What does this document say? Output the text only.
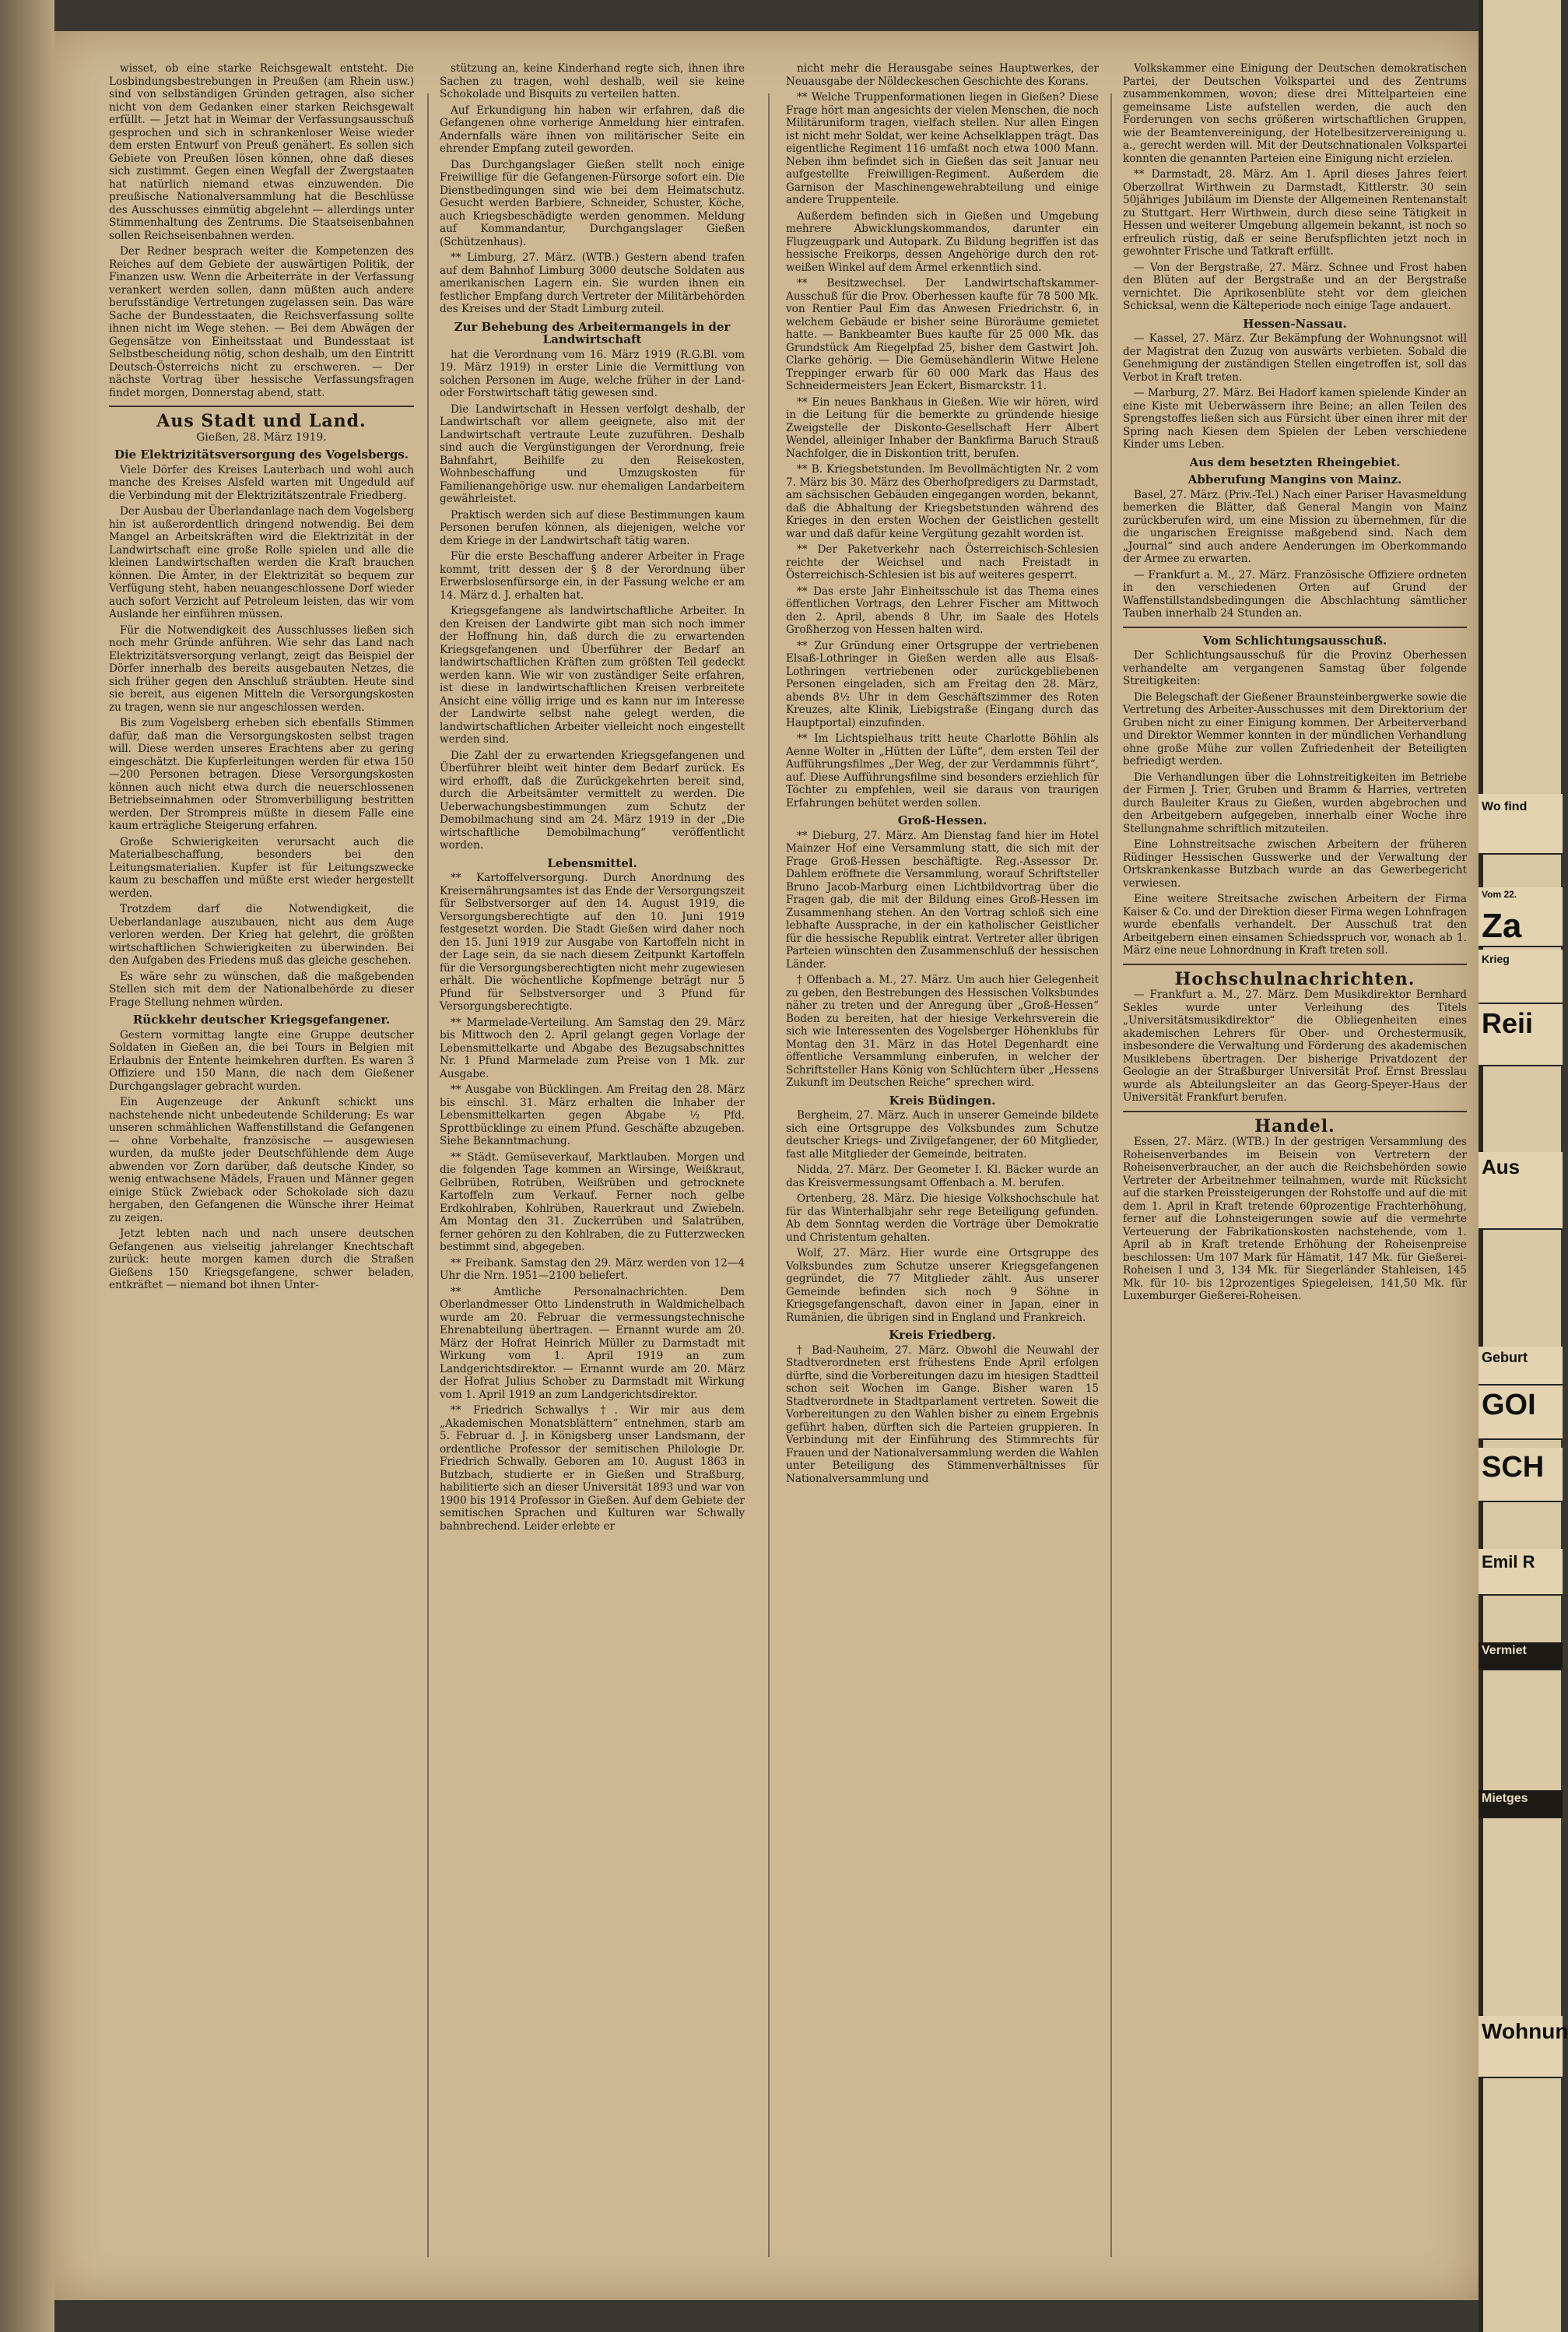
wisset, ob eine starke Reichsgewalt entsteht. Die Losbindungsbestrebungen in Preußen (am Rhein usw.) sind von selbständigen Gründen getragen, also sicher nicht von dem Gedanken einer starken Reichsgewalt erfüllt. — Jetzt hat in Weimar der Verfassungsausschuß gesprochen und sich in schrankenloser Weise wieder dem ersten Entwurf von Preuß genähert. Es sollen sich Gebiete von Preußen lösen können, ohne daß dieses sich zustimmt. Gegen einen Wegfall der Zwergstaaten hat natürlich niemand etwas einzuwenden. Die preußische Nationalversammlung hat die Beschlüsse des Ausschusses einmütig abgelehnt — allerdings unter Stimmenhaltung des Zentrums. Die Staatseisenbahnen sollen Reichseisenbahnen werden.

Der Redner besprach weiter die Kompetenzen des Reiches auf dem Gebiete der auswärtigen Politik, der Finanzen usw. Wenn die Arbeiterräte in der Verfassung verankert werden sollen, dann müßten auch andere berufsständige Vertretungen zugelassen sein. Das wäre Sache der Bundesstaaten, die Reichsverfassung sollte ihnen nicht im Wege stehen. — Bei dem Abwägen der Gegensätze von Einheitsstaat und Bundesstaat ist Selbstbescheidung nötig, schon deshalb, um den Eintritt Deutsch-Österreichs nicht zu erschweren. — Der nächste Vortrag über hessische Verfassungsfragen findet morgen, Donnerstag abend, statt.

Aus Stadt und Land.
Gießen, 28. März 1919.
Die Elektrizitätsversorgung des Vogelsbergs.

Viele Dörfer des Kreises Lauterbach und wohl auch manche des Kreises Alsfeld warten mit Ungeduld auf die Verbindung mit der Elektrizitätszentrale Friedberg.

Der Ausbau der Überlandanlage nach dem Vogelsberg hin ist außerordentlich dringend notwendig. Bei dem Mangel an Arbeitskräften wird die Elektrizität in der Landwirtschaft eine große Rolle spielen und alle die kleinen Landwirtschaften werden die Kraft brauchen können. Die Ämter, in der Elektrizität so bequem zur Verfügung steht, haben neuangeschlossene Dorf wieder auch sofort Verzicht auf Petroleum leisten, das wir vom Auslande her einführen müssen.

Für die Notwendigkeit des Ausschlusses ließen sich noch mehr Gründe anführen. Wie sehr das Land nach Elektrizitätsversorgung verlangt, zeigt das Beispiel der Dörfer innerhalb des bereits ausgebauten Netzes, die sich früher gegen den Anschluß sträubten. Heute sind sie bereit, aus eigenen Mitteln die Versorgungskosten zu tragen, wenn sie nur angeschlossen werden.

Bis zum Vogelsberg erheben sich ebenfalls Stimmen dafür, daß man die Versorgungskosten selbst tragen will. Diese werden unseres Erachtens aber zu gering eingeschätzt. Die Kupferleitungen werden für etwa 150—200 Personen betragen. Diese Versorgungskosten können auch nicht etwa durch die neuerschlossenen Betriebseinnahmen oder Stromverbilligung bestritten werden. Der Strompreis müßte in diesem Falle eine kaum erträgliche Steigerung erfahren.

Große Schwierigkeiten verursacht auch die Materialbeschaffung, besonders bei den Leitungsmaterialien. Kupfer ist für Leitungszwecke kaum zu beschaffen und müßte erst wieder hergestellt werden.

Trotzdem darf die Notwendigkeit, die Ueberlandanlage auszubauen, nicht aus dem Auge verloren werden. Der Krieg hat gelehrt, die größten wirtschaftlichen Schwierigkeiten zu überwinden. Bei den Aufgaben des Friedens muß das gleiche geschehen.

Es wäre sehr zu wünschen, daß die maßgebenden Stellen sich mit dem der Nationalbehörde zu dieser Frage Stellung nehmen würden.

Rückkehr deutscher Kriegsgefangener.

Gestern vormittag langte eine Gruppe deutscher Soldaten in Gießen an, die bei Tours in Belgien mit Erlaubnis der Entente heimkehren durften. Es waren 3 Offiziere und 150 Mann, die nach dem Gießener Durchgangslager gebracht wurden.

Ein Augenzeuge der Ankunft schickt uns nachstehende nicht unbedeutende Schilderung: Es war unseren schmählichen Waffenstillstand die Gefangenen — ohne Vorbehalte, französische — ausgewiesen wurden, da mußte jeder Deutschfühlende dem Auge abwenden vor Zorn darüber, daß deutsche Kinder, so wenig entwachsene Mädels, Frauen und Männer gegen einige Stück Zwieback oder Schokolade sich dazu hergaben, den Gefangenen die Wünsche ihrer Heimat zu zeigen.

Jetzt lebten nach und nach unsere deutschen Gefangenen aus vielseitig jahrelanger Knechtschaft zurück: heute morgen kamen durch die Straßen Gießens 150 Kriegsgefangene, schwer beladen, entkräftet — niemand bot ihnen Unter-

stützung an, keine Kinderhand regte sich, ihnen ihre Sachen zu tragen, wohl deshalb, weil sie keine Schokolade und Bisquits zu verteilen hatten.

Auf Erkundigung hin haben wir erfahren, daß die Gefangenen ohne vorherige Anmeldung hier eintrafen. Andernfalls wäre ihnen von militärischer Seite ein ehrender Empfang zuteil geworden.

Das Durchgangslager Gießen stellt noch einige Freiwillige für die Gefangenen-Fürsorge sofort ein. Die Dienstbedingungen sind wie bei dem Heimatschutz. Gesucht werden Barbiere, Schneider, Schuster, Köche, auch Kriegsbeschädigte werden genommen. Meldung auf Kommandantur, Durchgangslager Gießen (Schützenhaus).

** Limburg, 27. März. (WTB.) Gestern abend trafen auf dem Bahnhof Limburg 3000 deutsche Soldaten aus amerikanischen Lagern ein. Sie wurden ihnen ein festlicher Empfang durch Vertreter der Militärbehörden des Kreises und der Stadt Limburg zuteil.

Zur Behebung des Arbeitermangels in der Landwirtschaft

hat die Verordnung vom 16. März 1919 (R.G.Bl. vom 19. März 1919) in erster Linie die Vermittlung von solchen Personen im Auge, welche früher in der Land- oder Forstwirtschaft tätig gewesen sind.

Die Landwirtschaft in Hessen verfolgt deshalb, der Landwirtschaft vor allem geeignete, also mit der Landwirtschaft vertraute Leute zuzuführen. Deshalb sind auch die Vergünstigungen der Verordnung, freie Bahnfahrt, Beihilfe zu den Reisekosten, Wohnbeschaffung und Umzugskosten für Familienangehörige usw. nur ehemaligen Landarbeitern gewährleistet.

Praktisch werden sich auf diese Bestimmungen kaum Personen berufen können, als diejenigen, welche vor dem Kriege in der Landwirtschaft tätig waren.

Für die erste Beschaffung anderer Arbeiter in Frage kommt, tritt dessen der § 8 der Verordnung über Erwerbslosenfürsorge ein, in der Fassung welche er am 14. März d. J. erhalten hat.

Kriegsgefangene als landwirtschaftliche Arbeiter. In den Kreisen der Landwirte gibt man sich noch immer der Hoffnung hin, daß durch die zu erwartenden Kriegsgefangenen und Überführer der Bedarf an landwirtschaftlichen Kräften zum größten Teil gedeckt werden kann. Wie wir von zuständiger Seite erfahren, ist diese in landwirtschaftlichen Kreisen verbreitete Ansicht eine völlig irrige und es kann nur im Interesse der Landwirte selbst nahe gelegt werden, die landwirtschaftlichen Arbeiter vielleicht noch eingestellt werden sind.

Die Zahl der zu erwartenden Kriegsgefangenen und Überführer bleibt weit hinter dem Bedarf zurück. Es wird erhofft, daß die Zurückgekehrten bereit sind, durch die Arbeitsämter vermittelt zu werden. Die Ueberwachungsbestimmungen zum Schutz der Demobilmachung sind am 24. März 1919 in der „Die wirtschaftliche Demobilmachung“ veröffentlicht worden.

Lebensmittel.

** Kartoffelversorgung. Durch Anordnung des Kreisernährungsamtes ist das Ende der Versorgungszeit für Selbstversorger auf den 14. August 1919, die Versorgungsberechtigte auf den 10. Juni 1919 festgesetzt worden. Die Stadt Gießen wird daher noch den 15. Juni 1919 zur Ausgabe von Kartoffeln nicht in der Lage sein, da sie nach diesem Zeitpunkt Kartoffeln für die Versorgungsberechtigten nicht mehr zugewiesen erhält. Die wöchentliche Kopfmenge beträgt nur 5 Pfund für Selbstversorger und 3 Pfund für Versorgungsberechtigte.

** Marmelade-Verteilung. Am Samstag den 29. März bis Mittwoch den 2. April gelangt gegen Vorlage der Lebensmittelkarte und Abgabe des Bezugsabschnittes Nr. 1 Pfund Marmelade zum Preise von 1 Mk. zur Ausgabe.

** Ausgabe von Bücklingen. Am Freitag den 28. März bis einschl. 31. März erhalten die Inhaber der Lebensmittelkarten gegen Abgabe ½ Pfd. Sprottbücklinge zu einem Pfund. Geschäfte abzugeben. Siehe Bekanntmachung.

** Städt. Gemüseverkauf, Marktlauben. Morgen und die folgenden Tage kommen an Wirsinge, Weißkraut, Gelbrüben, Rotrüben, Weißrüben und getrocknete Kartoffeln zum Verkauf. Ferner noch gelbe Erdkohlraben, Kohlrüben, Rauerkraut und Zwiebeln. Am Montag den 31. Zuckerrüben und Salatrüben, ferner gehören zu den Kohlraben, die zu Futterzwecken bestimmt sind, abgegeben.

** Freibank. Samstag den 29. März werden von 12—4 Uhr die Nrn. 1951—2100 beliefert.

** Amtliche Personalnachrichten. Dem Oberlandmesser Otto Lindenstruth in Waldmichelbach wurde am 20. Februar die vermessungstechnische Ehrenabteilung übertragen. — Ernannt wurde am 20. März der Hofrat Heinrich Müller zu Darmstadt mit Wirkung vom 1. April 1919 an zum Landgerichtsdirektor. — Ernannt wurde am 20. März der Hofrat Julius Schober zu Darmstadt mit Wirkung vom 1. April 1919 an zum Landgerichtsdirektor.

** Friedrich Schwallys †. Wir mir aus dem „Akademischen Monatsblättern“ entnehmen, starb am 5. Februar d. J. in Königsberg unser Landsmann, der ordentliche Professor der semitischen Philologie Dr. Friedrich Schwally. Geboren am 10. August 1863 in Butzbach, studierte er in Gießen und Straßburg, habilitierte sich an dieser Universität 1893 und war von 1900 bis 1914 Professor in Gießen. Auf dem Gebiete der semitischen Sprachen und Kulturen war Schwally bahnbrechend. Leider erlebte er

nicht mehr die Herausgabe seines Hauptwerkes, der Neuausgabe der Nöldeckeschen Geschichte des Korans.

** Welche Truppenformationen liegen in Gießen? Diese Frage hört man angesichts der vielen Menschen, die noch Militäruniform tragen, vielfach stellen. Nur allen Eingen ist nicht mehr Soldat, wer keine Achselklappen trägt. Das eigentliche Regiment 116 umfaßt noch etwa 1000 Mann. Neben ihm befindet sich in Gießen das seit Januar neu aufgestellte Freiwilligen-Regiment. Außerdem die Garnison der Maschinengewehrabteilung und einige andere Truppenteile.

Außerdem befinden sich in Gießen und Umgebung mehrere Abwicklungskommandos, darunter ein Flugzeugpark und Autopark. Zu Bildung begriffen ist das hessische Freikorps, dessen Angehörige durch den rot-weißen Winkel auf dem Ärmel erkenntlich sind.

** Besitzwechsel. Der Landwirtschaftskammer-Ausschuß für die Prov. Oberhessen kaufte für 78 500 Mk. von Rentier Paul Eim das Anwesen Friedrichstr. 6, in welchem Gebäude er bisher seine Büroräume gemietet hatte. — Bankbeamter Bues kaufte für 25 000 Mk. das Grundstück Am Riegelpfad 25, bisher dem Gastwirt Joh. Clarke gehörig. — Die Gemüsehändlerin Witwe Helene Treppinger erwarb für 60 000 Mark das Haus des Schneidermeisters Jean Eckert, Bismarckstr. 11.

** Ein neues Bankhaus in Gießen. Wie wir hören, wird in die Leitung für die bemerkte zu gründende hiesige Zweigstelle der Diskonto-Gesellschaft Herr Albert Wendel, alleiniger Inhaber der Bankfirma Baruch Strauß Nachfolger, die in Diskontion tritt, berufen.

** B. Kriegsbetstunden. Im Bevollmächtigten Nr. 2 vom 7. März bis 30. März des Oberhofpredigers zu Darmstadt, am sächsischen Gebäuden eingegangen worden, bekannt, daß die Abhaltung der Kriegsbetstunden während des Krieges in den ersten Wochen der Geistlichen gestellt war und daß dafür keine Vergütung gezahlt worden ist.

** Der Paketverkehr nach Österreichisch-Schlesien reichte der Weichsel und nach Freistadt in Österreichisch-Schlesien ist bis auf weiteres gesperrt.

** Das erste Jahr Einheitsschule ist das Thema eines öffentlichen Vortrags, den Lehrer Fischer am Mittwoch den 2. April, abends 8 Uhr, im Saale des Hotels Großherzog von Hessen halten wird.

** Zur Gründung einer Ortsgruppe der vertriebenen Elsaß-Lothringer in Gießen werden alle aus Elsaß-Lothringen vertriebenen oder zurückgebliebenen Personen eingeladen, sich am Freitag den 28. März, abends 8½ Uhr in dem Geschäftszimmer des Roten Kreuzes, alte Klinik, Liebigstraße (Eingang durch das Hauptportal) einzufinden.

** Im Lichtspielhaus tritt heute Charlotte Böhlin als Aenne Wolter in „Hütten der Lüfte“, dem ersten Teil der Aufführungsfilmes „Der Weg, der zur Verdammnis führt“, auf. Diese Aufführungsfilme sind besonders erziehlich für Töchter zu empfehlen, weil sie daraus von traurigen Erfahrungen behütet werden sollen.

Groß-Hessen.

** Dieburg, 27. März. Am Dienstag fand hier im Hotel Mainzer Hof eine Versammlung statt, die sich mit der Frage Groß-Hessen beschäftigte. Reg.-Assessor Dr. Dahlem eröffnete die Versammlung, worauf Schriftsteller Bruno Jacob-Marburg einen Lichtbildvortrag über die Fragen gab, die mit der Bildung eines Groß-Hessen im Zusammenhang stehen. An den Vortrag schloß sich eine lebhafte Aussprache, in der ein katholischer Geistlicher für die hessische Republik eintrat. Vertreter aller übrigen Parteien wünschten den Zusammenschluß der hessischen Länder.

† Offenbach a. M., 27. März. Um auch hier Gelegenheit zu geben, den Bestrebungen des Hessischen Volksbundes näher zu treten und der Anregung über „Groß-Hessen“ Boden zu bereiten, hat der hiesige Verkehrsverein die sich wie Interessenten des Vogelsberger Höhenklubs für Montag den 31. März in das Hotel Degenhardt eine öffentliche Versammlung einberufen, in welcher der Schriftsteller Hans König von Schlüchtern über „Hessens Zukunft im Deutschen Reiche“ sprechen wird.

Kreis Büdingen.

Bergheim, 27. März. Auch in unserer Gemeinde bildete sich eine Ortsgruppe des Volksbundes zum Schutze deutscher Kriegs- und Zivilgefangener, der 60 Mitglieder, fast alle Mitglieder der Gemeinde, beitraten.

Nidda, 27. März. Der Geometer I. Kl. Bäcker wurde an das Kreisvermessungsamt Offenbach a. M. berufen.

Ortenberg, 28. März. Die hiesige Volkshochschule hat für das Winterhalbjahr sehr rege Beteiligung gefunden. Ab dem Sonntag werden die Vorträge über Demokratie und Christentum gehalten.

Wolf, 27. März. Hier wurde eine Ortsgruppe des Volksbundes zum Schutze unserer Kriegsgefangenen gegründet, die 77 Mitglieder zählt. Aus unserer Gemeinde befinden sich noch 9 Söhne in Kriegsgefangenschaft, davon einer in Japan, einer in Rumänien, die übrigen sind in England und Frankreich.

Kreis Friedberg.

† Bad-Nauheim, 27. März. Obwohl die Neuwahl der Stadtverordneten erst frühestens Ende April erfolgen dürfte, sind die Vorbereitungen dazu im hiesigen Stadtteil schon seit Wochen im Gange. Bisher waren 15 Stadtverordnete in Stadtparlament vertreten. Soweit die Vorbereitungen zu den Wahlen bisher zu einem Ergebnis geführt haben, dürften sich die Parteien gruppieren. In Verbindung mit der Einführung des Stimmrechts für Frauen und der Nationalversammlung werden die Wahlen unter Beteiligung des Stimmenverhältnisses für Nationalversammlung und

Volkskammer eine Einigung der Deutschen demokratischen Partei, der Deutschen Volkspartei und des Zentrums zusammenkommen, wovon; diese drei Mittelparteien eine gemeinsame Liste aufstellen werden, die auch den Forderungen von sechs größeren wirtschaftlichen Gruppen, wie der Beamtenvereinigung, der Hotelbesitzervereinigung u. a., gerecht werden will. Mit der Deutschnationalen Volkspartei konnten die genannten Parteien eine Einigung nicht erzielen.

** Darmstadt, 28. März. Am 1. April dieses Jahres feiert Oberzollrat Wirthwein zu Darmstadt, Kittlerstr. 30 sein 50jähriges Jubiläum im Dienste der Allgemeinen Rentenanstalt zu Stuttgart. Herr Wirthwein, durch diese seine Tätigkeit in Hessen und weiterer Umgebung allgemein bekannt, ist noch so erfreulich rüstig, daß er seine Berufspflichten jetzt noch in gewohnter Frische und Tatkraft erfüllt.

— Von der Bergstraße, 27. März. Schnee und Frost haben den Blüten auf der Bergstraße und an der Bergstraße vernichtet. Die Aprikosenblüte steht vor dem gleichen Schicksal, wenn die Kälteperiode noch einige Tage andauert.

Hessen-Nassau.

— Kassel, 27. März. Zur Bekämpfung der Wohnungsnot will der Magistrat den Zuzug von auswärts verbieten. Sobald die Genehmigung der zuständigen Stellen eingetroffen ist, soll das Verbot in Kraft treten.

— Marburg, 27. März. Bei Hadorf kamen spielende Kinder an eine Kiste mit Ueberwässern ihre Beine; an allen Teilen des Sprengstoffes ließen sich aus Fürsicht über einen ihrer mit der Spring nach Kiesen dem Spielen der Leben verschiedene Kinder ums Leben.

Aus dem besetzten Rheingebiet.
Abberufung Mangins von Mainz.

Basel, 27. März. (Priv.-Tel.) Nach einer Pariser Havasmeldung bemerken die Blätter, daß General Mangin von Mainz zurückberufen wird, um eine Mission zu übernehmen, für die die ungarischen Ereignisse maßgebend sind. Nach dem „Journal“ sind auch andere Aenderungen im Oberkommando der Armee zu erwarten.

— Frankfurt a. M., 27. März. Französische Offiziere ordneten in den verschiedenen Orten auf Grund der Waffenstillstandsbedingungen die Abschlachtung sämtlicher Tauben innerhalb 24 Stunden an.

Vom Schlichtungsausschuß.

Der Schlichtungsausschuß für die Provinz Oberhessen verhandelte am vergangenen Samstag über folgende Streitigkeiten:

Die Belegschaft der Gießener Braunsteinbergwerke sowie die Vertretung des Arbeiter-Ausschusses mit dem Direktorium der Gruben nicht zu einer Einigung kommen. Der Arbeiterverband und Direktor Wemmer konnten in der mündlichen Verhandlung ohne große Mühe zur vollen Zufriedenheit der Beteiligten befriedigt werden.

Die Verhandlungen über die Lohnstreitigkeiten im Betriebe der Firmen J. Trier, Gruben und Bramm & Harries, vertreten durch Bauleiter Kraus zu Gießen, wurden abgebrochen und den Arbeitgebern aufgegeben, innerhalb einer Woche ihre Stellungnahme schriftlich mitzuteilen.

Eine Lohnstreitsache zwischen Arbeitern der früheren Rüdinger Hessischen Gusswerke und der Verwaltung der Ortskrankenkasse Butzbach wurde an das Gewerbegericht verwiesen.

Eine weitere Streitsache zwischen Arbeitern der Firma Kaiser & Co. und der Direktion dieser Firma wegen Lohnfragen wurde ebenfalls verhandelt. Der Ausschuß trat den Arbeitgebern einen einsamen Schiedsspruch vor, wonach ab 1. März eine neue Lohnordnung in Kraft treten soll.

Hochschulnachrichten.

— Frankfurt a. M., 27. März. Dem Musikdirektor Bernhard Sekles wurde unter Verleihung des Titels „Universitätsmusikdirektor“ die Obliegenheiten eines akademischen Lehrers für Ober- und Orchestermusik, insbesondere die Verwaltung und Förderung des akademischen Musiklebens übertragen. Der bisherige Privatdozent der Geologie an der Straßburger Universität Prof. Ernst Bresslau wurde als Abteilungsleiter an das Georg-Speyer-Haus der Universität Frankfurt berufen.

Handel.

Essen, 27. März. (WTB.) In der gestrigen Versammlung des Roheisenverbandes im Beisein von Vertretern der Roheisenverbraucher, an der auch die Reichsbehörden sowie Vertreter der Arbeitnehmer teilnahmen, wurde mit Rücksicht auf die starken Preissteigerungen der Rohstoffe und auf die mit dem 1. April in Kraft tretende 60prozentige Frachterhöhung, ferner auf die Lohnsteigerungen sowie auf die vermehrte Verteuerung der Fabrikationskosten nachstehende, vom 1. April ab in Kraft tretende Erhöhung der Roheisenpreise beschlossen: Um 107 Mark für Hämatit, 147 Mk. für Gießerei-Roheisen I und 3, 134 Mk. für Siegerländer Stahleisen, 145 Mk. für 10- bis 12prozentiges Spiegeleisen, 141,50 Mk. für Luxemburger Gießerei-Roheisen.

Wo find
Vom 22.
Za
Krieg
Reii
Aus
Geburt
GOI
SCH
Emil R
Vermiet
Mietges
Wohnun
